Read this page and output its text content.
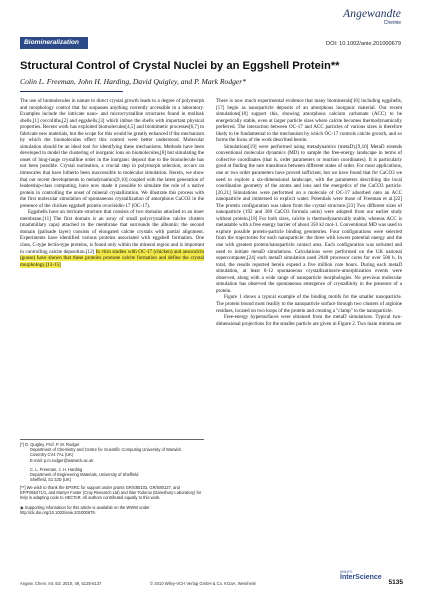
Angewandte
Chemie
DOI: 10.1002/anie.201000679
Biomineralization
Structural Control of Crystal Nuclei by an Eggshell Protein**
Colin L. Freeman, John H. Harding, David Quigley, and P. Mark Rodger*

The use of biomolecules in nature to direct crystal growth leads to a degree of polymorph and morphology control that far surpasses anything currently accessible in a laboratory. Examples include the intricate nano- and microcrystalline structures found in mollusk shells,[1] coccoliths,[2] and eggshells,[3] which imbue the shells with important physical properties. Recent work has exploited biomolecules[4,5] and biomimetic processes[6,7] to fabricate new materials, but the scope for this would be greatly enhanced if the mechanism by which the biomolecules effect this control were better understood. Molecular simulation should be an ideal tool for identifying these mechanisms. Methods have been developed to model the clustering of inorganic ions on biomolecules,[8] but simulating the onset of long-range crystalline order in the inorganic deposit due to the biomolecule has not been possible. Crystal nucleation, a crucial step in polymorph selection, occurs on timescales that have hitherto been inaccessible to molecular simulation. Herein, we show that our recent developments to metadynamics[9,10] coupled with the latest generation of leadership-class computing, have now made it possible to simulate the role of a native protein in controlling the onset of mineral crystallization. We illustrate this process with the first molecular simulation of spontaneous crystallization of amorphous CaCO3 in the presence of the chicken eggshell protein ovocleidin-17 (OC-17).

Eggshells have an intricate structure that consists of two domains attached to an inner membrane.[11] The first domain is an array of small polycrystalline calcite clusters (mammillary caps) attached to the membrane that surrounds the albumin; the second domain (palisade layer) consists of elongated calcite crystals with partial alignment. Experiments have identified various proteins associated with eggshell formation. One class, C-type lectin-type proteins, is found only within the mineral region and is important in controlling calcite deposition.[12] In vitro studies with OC-17 (chicken) and ansocalcin (goose) have shown that these proteins promote calcite formation and define the crystal morphology.[13-15]

[*] D. Quigley, Prof. P. M. Rodger
Department of Chemistry and Centre for Scientific Computing University of Warwick
Coventry CV4 7AL (UK)
E-mail: p.m.rodger@warwick.ac.uk
C. L. Freeman, J. H. Harding
Department of Engineering Materials, University of Sheffield
Sheffield, S1 3JD (UK)
[**] We wish to thank the EPSRC for support under grants GR/S80103, GR/S80127, and EP/F055471/1, and Martyn Foster (Cray Research Ltd) and Ilian Todorov (Daresbury Laboratory) for help in adapting code to HECToR. All authors contributed equally to this work.
◉ Supporting information for this article is available on the WWW under http://dx.doi.org/10.1002/anie.201000679.

There is now much experimental evidence that many biominerals[16] including eggshells,[17] begin as nanoparticle deposits of an amorphous inorganic material. Our recent simulations[18] support this, showing amorphous calcium carbonate (ACC) to be energetically stable, even at larger particle sizes where calcite becomes thermodynamically preferred. The interaction between OC-17 and ACC particles of various sizes is therefore likely to be fundamental to the mechanism by which OC-17 controls calcite growth, and so forms the focus of the work described herein.

Simulations[19] were performed using metadynamics (metaD).[9,10] MetaD extends conventional molecular dynamics (MD) to sample the free-energy landscape in terms of collective coordinates (that is, order parameters or reaction coordinates). It is particularly good at finding the rare transitions between different states of order. For most applications, one or two order parameters have proved sufficient, but we have found that for CaCO3 we need to explore a six-dimensional landscape, with the parameters describing the local coordination geometry of the atoms and ions and the energetics of the CaCO3 particle.[20,21] Simulations were performed on a molecule of OC-17 adsorbed onto an ACC nanoparticle and immersed in explicit water. Potentials were those of Freeman et al.[22] The protein configuration was taken from the crystal structure.[23] Two different sizes of nanoparticle (192 and 300 CaCO3 formula units) were adopted from our earlier study without protein.[18] For both sizes, calcite is thermodynamically stable, whereas ACC is metastable with a free energy barrier of about 350 kJ mol-1. Conventional MD was used to explore possible protein-particle binding geometries. Four configurations were selected from the trajectories for each nanoparticle: the three with lowest potential energy and the one with greatest protein/nanoparticle contact area. Each configuration was solvated and used to initiate metaD simulations. Calculations were performed on the UK national supercomputer,[24] each metaD simulation used 2048 processor cores for over 500 h. In total, the results reported herein expend a five million core hours. During each metaD simulation, at least 8-12 spontaneous crystallization/re-amorphization events were observed, along with a wide range of nanoparticle morphologies. No previous molecular simulation has observed the spontaneous emergence of crystallinity in the presence of a protein.

Figure 1 shows a typical example of the binding motifs for the smaller nanoparticle. The protein bound most readily to the nanoparticle surface through two clusters of arginine residues, located on two loops of the protein and creating a "clamp" to the nanoparticle.

Free-energy hypersurfaces were obtained from the metaD simulations. Typical two-dimensional projections for the smaller particle are given in Figure 2. Two main minima are

Angew. Chem. Int. Ed. 2010, 49, 5135-5137	© 2010 Wiley-VCH Verlag GmbH & Co. KGaA, Weinheim
WILEY
InterScience
5135
